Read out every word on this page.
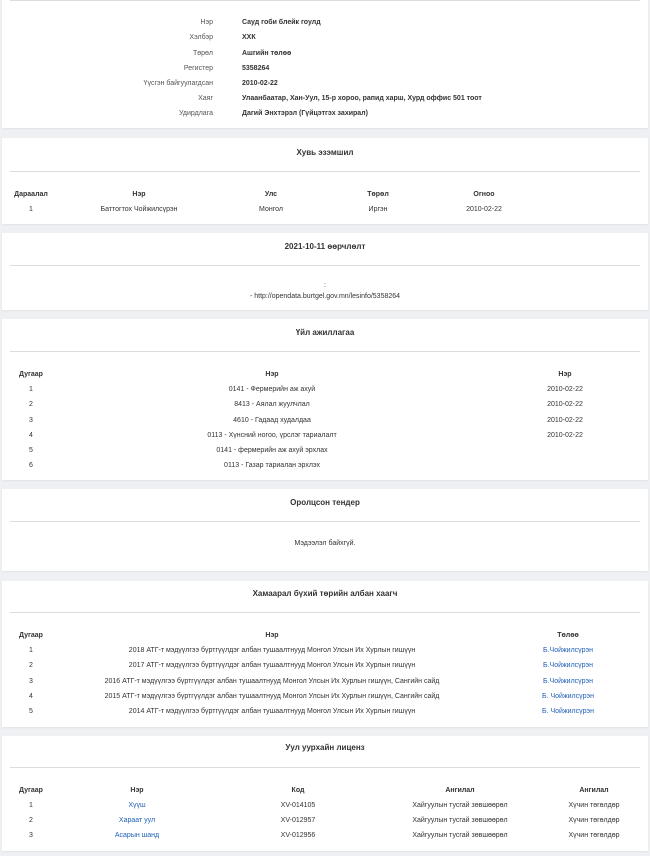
Нэр	Сауд гоби блейк гоулд
Хэлбэр	ХХК
Төрөл	Ашгийн төлөө
Регистер	5358264
Үүсгэн байгуулагдсан	2010-02-22
Хаяг	Улаанбаатар, Хан-Уул, 15-р хороо, рапид харш, Хурд оффис 501 тоот
Удирдлага	Дагий Энхтэрэл (Гүйцэтгэх захирал)
Хувь эзэмшил
Дараалал	Нэр	Улс	Төрөл	Огноо
1	Баттогтох Чойжилсүрэн	Монгол	Иргэн	2010-02-22
2021-10-11 өөрчлөлт
:
- http://opendata.burtgel.gov.mn/lesinfo/5358264
Үйл ажиллагаа
Дугаар	Нэр	Нэр
1	0141 - Фермерийн аж ахуй	2010-02-22
2	8413 - Аялал жуулчлал	2010-02-22
3	4610 - Гадаад худалдаа	2010-02-22
4	0113 - Хүнсний ногоо, үрслэг тариалалт	2010-02-22
5	0141 - фермерийн аж ахуй эрхлах
6	0113 - Газар тариалан эрхлэх
Оролцсон тендер
Мэдээлэл байхгүй.
Хамаарал бүхий төрийн албан хаагч
Дугаар	Нэр	Төлөө
1	2018 АТГ-т мэдүүлгээ бүртгүүлдэг албан тушаалтнууд Монгол Улсын Их Хурлын гишүүн	Б.Чойжилсүрэн
2	2017 АТГ-т мэдүүлгээ бүртгүүлдэг албан тушаалтнууд Монгол Улсын Их Хурлын гишүүн	Б.Чойжилсүрэн
3	2016 АТГ-т мэдүүлгээ бүртгүүлдэг албан тушаалтнууд Монгол Улсын Их Хурлын гишүүн, Сангийн сайд	Б.Чойжилсүрэн
4	2015 АТГ-т мэдүүлгээ бүртгүүлдэг албан тушаалтнууд Монгол Улсын Их Хурлын гишүүн, Сангийн сайд	Б. Чойжилсүрэн
5	2014 АТГ-т мэдүүлгээ бүртгүүлдэг албан тушаалтнууд Монгол Улсын Их Хурлын гишүүн	Б. Чойжилсүрэн
Уул уурхайн лиценз
Дугаар	Нэр	Код	Ангилал	Ангилал
1	Хүүш	XV-014105	Хайгуулын тусгай зөвшөөрөл	Хүчин төгөлдөр
2	Хараат уул	XV-012957	Хайгуулын тусгай зөвшөөрөл	Хүчин төгөлдөр
3	Асарын шанд	XV-012956	Хайгуулын тусгай зөвшөөрөл	Хүчин төгөлдөр
